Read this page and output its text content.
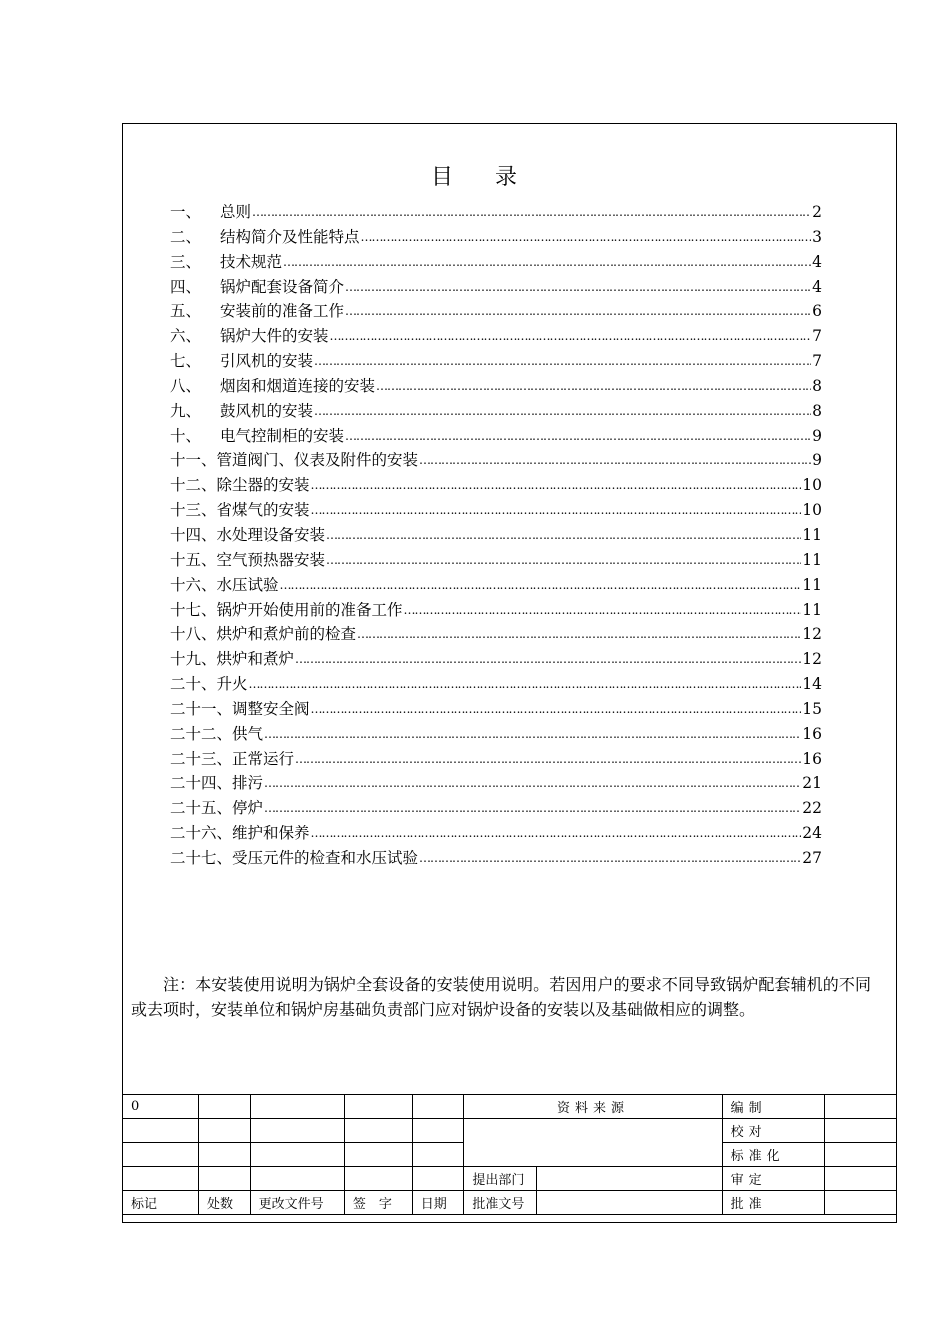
目 录
一、	总则 …………………………………………………………………………………………………………………………………………………………………………………………………	2
二、	结构简介及性能特点 …………………………………………………………………………………………………………………………………………………………………………………………………	3
三、	技术规范 …………………………………………………………………………………………………………………………………………………………………………………………………	4
四、	锅炉配套设备简介 …………………………………………………………………………………………………………………………………………………………………………………………………	4
五、	安装前的准备工作 …………………………………………………………………………………………………………………………………………………………………………………………………	6
六、	锅炉大件的安装 …………………………………………………………………………………………………………………………………………………………………………………………………	7
七、	引风机的安装 …………………………………………………………………………………………………………………………………………………………………………………………………	7
八、	烟囱和烟道连接的安装 …………………………………………………………………………………………………………………………………………………………………………………………………	8
九、	鼓风机的安装 …………………………………………………………………………………………………………………………………………………………………………………………………	8
十、	电气控制柜的安装 …………………………………………………………………………………………………………………………………………………………………………………………………	9
十一、 管道阀门、仪表及附件的安装 …………………………………………………………………………………………………………………………………………………………………………………………………	9
十二、 除尘器的安装 …………………………………………………………………………………………………………………………………………………………………………………………………	10
十三、 省煤气的安装 …………………………………………………………………………………………………………………………………………………………………………………………………	10
十四、 水处理设备安装 …………………………………………………………………………………………………………………………………………………………………………………………………	11
十五、 空气预热器安装 …………………………………………………………………………………………………………………………………………………………………………………………………	11
十六、 水压试验 …………………………………………………………………………………………………………………………………………………………………………………………………	11
十七、 锅炉开始使用前的准备工作 …………………………………………………………………………………………………………………………………………………………………………………………………	11
十八、 烘炉和煮炉前的检查 …………………………………………………………………………………………………………………………………………………………………………………………………	12
十九、 烘炉和煮炉 …………………………………………………………………………………………………………………………………………………………………………………………………	12
二十、 升火 …………………………………………………………………………………………………………………………………………………………………………………………………	14
二十一、 调整安全阀 …………………………………………………………………………………………………………………………………………………………………………………………………	15
二十二、 供气 …………………………………………………………………………………………………………………………………………………………………………………………………	16
二十三、 正常运行 …………………………………………………………………………………………………………………………………………………………………………………………………	16
二十四、 排污 …………………………………………………………………………………………………………………………………………………………………………………………………	21
二十五、 停炉 …………………………………………………………………………………………………………………………………………………………………………………………………	22
二十六、 维护和保养 …………………………………………………………………………………………………………………………………………………………………………………………………	24
二十七、 受压元件的检查和水压试验 …………………………………………………………………………………………………………………………………………………………………………………………………	27
注：本安装使用说明为锅炉全套设备的安装使用说明。若因用户的要求不同导致锅炉配套辅机的不同或去项时，安装单位和锅炉房基础负责部门应对锅炉设备的安装以及基础做相应的调整。
0					资料来源		编制	
							校对	
							标准化	
					提出部门		审定	
标记	处数	更改文件号	签　字	日期	批准文号		批准	
